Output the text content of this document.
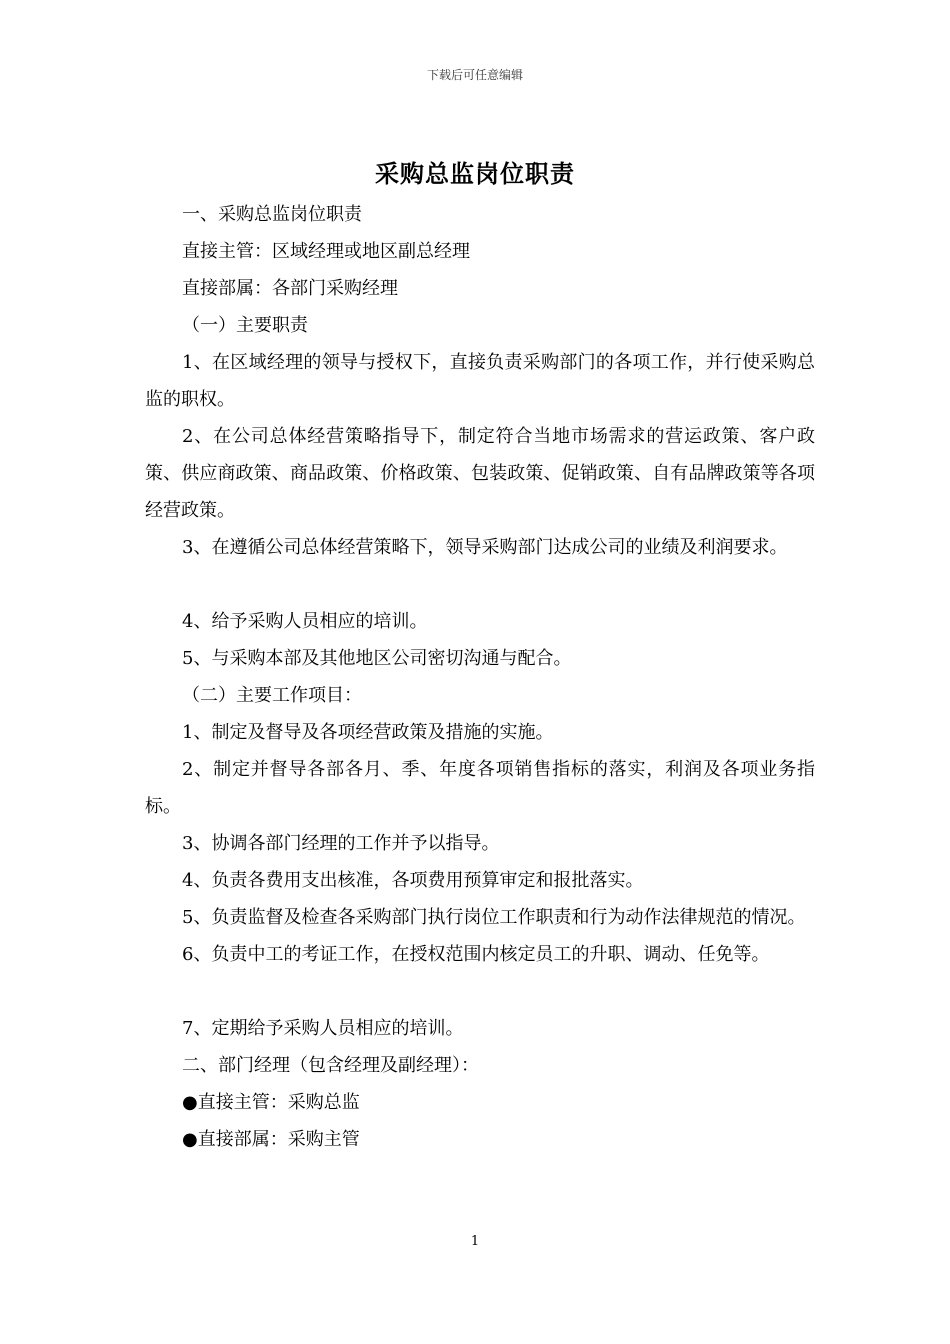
下载后可任意编辑
采购总监岗位职责

一、采购总监岗位职责

直接主管：区域经理或地区副总经理

直接部属：各部门采购经理

（一）主要职责

1、在区域经理的领导与授权下，直接负责采购部门的各项工作，并行使采购总监的职权。

2、在公司总体经营策略指导下，制定符合当地市场需求的营运政策、客户政策、供应商政策、商品政策、价格政策、包装政策、促销政策、自有品牌政策等各项经营政策。

3、在遵循公司总体经营策略下，领导采购部门达成公司的业绩及利润要求。

4、给予采购人员相应的培训。

5、与采购本部及其他地区公司密切沟通与配合。

（二）主要工作项目：

1、制定及督导及各项经营政策及措施的实施。

2、制定并督导各部各月、季、年度各项销售指标的落实，利润及各项业务指标。

3、协调各部门经理的工作并予以指导。

4、负责各费用支出核准，各项费用预算审定和报批落实。

5、负责监督及检查各采购部门执行岗位工作职责和行为动作法律规范的情况。

6、负责中工的考证工作，在授权范围内核定员工的升职、调动、任免等。

7、定期给予采购人员相应的培训。

二、部门经理（包含经理及副经理）：

●直接主管：采购总监

●直接部属：采购主管

1
